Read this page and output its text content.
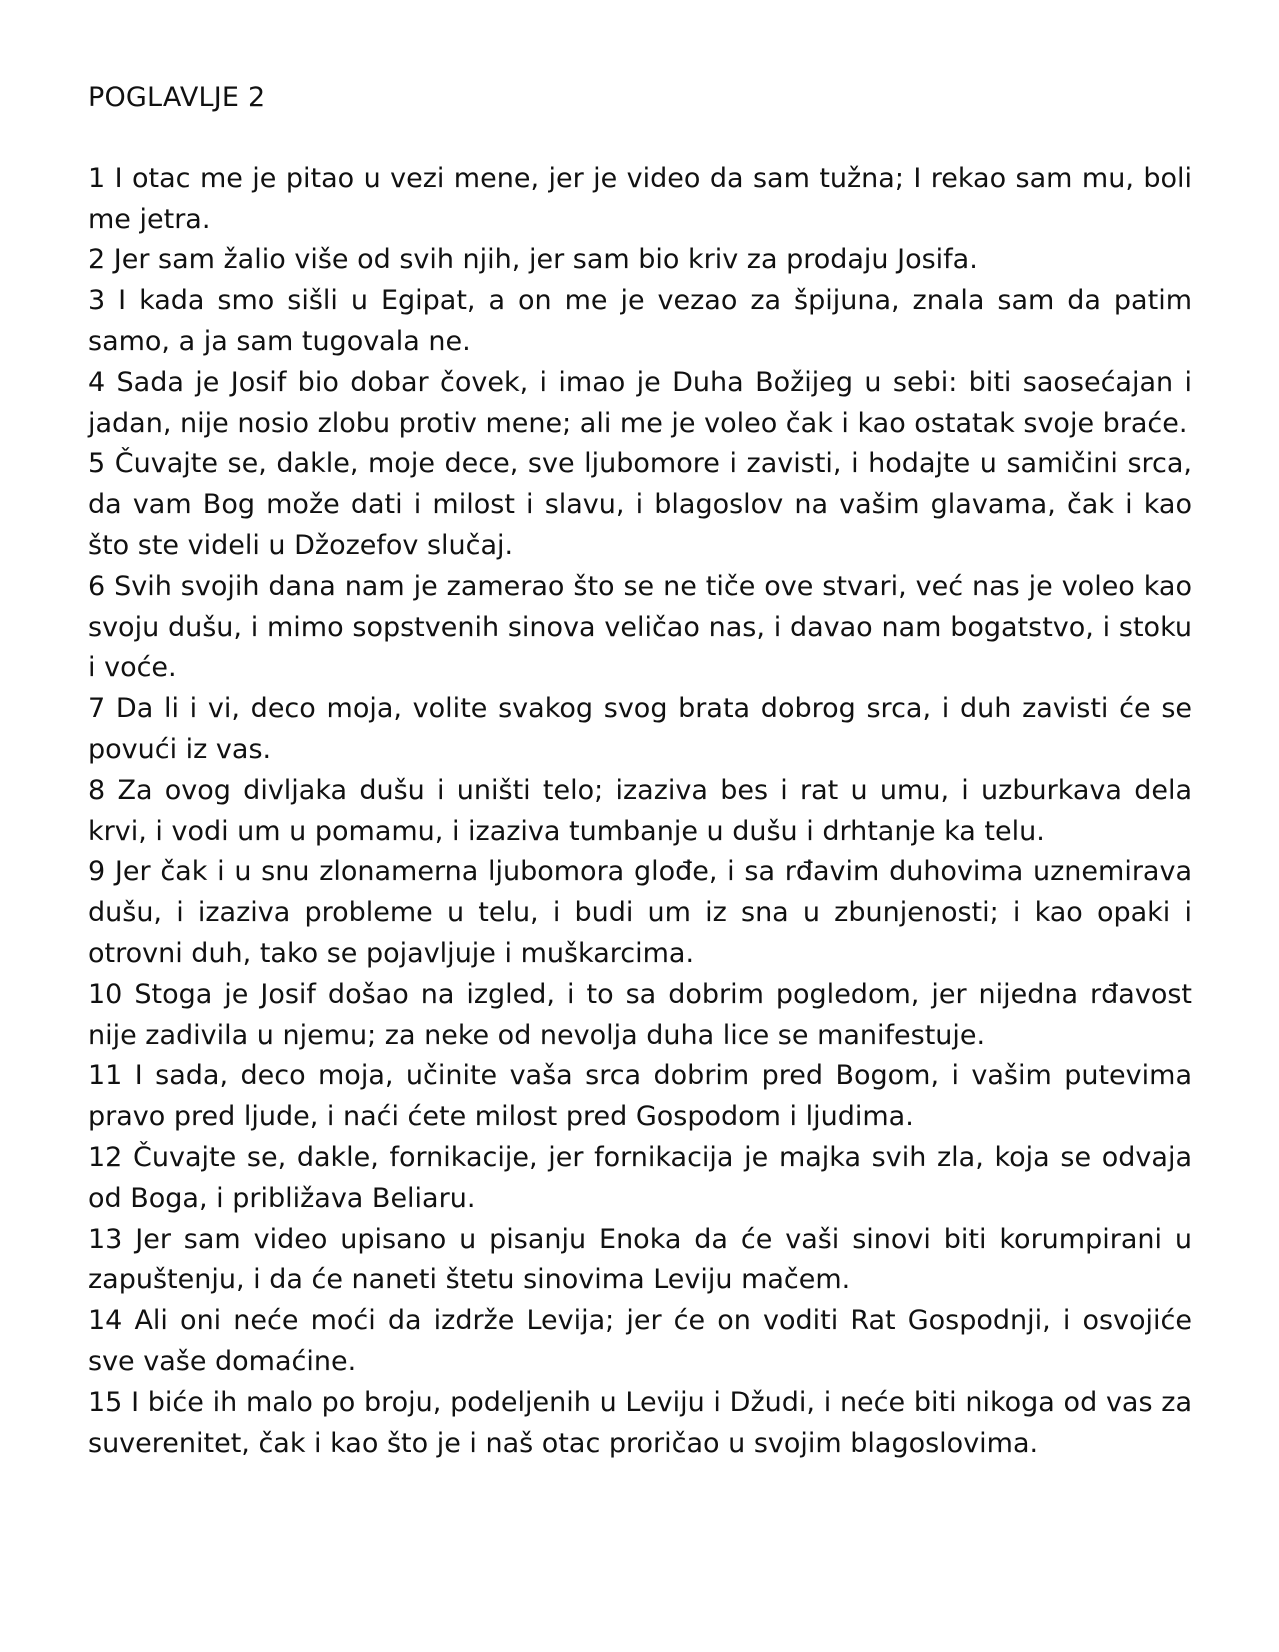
POGLAVLJE 2

1 I otac me je pitao u vezi mene, jer je video da sam tužna; I rekao sam mu, boli me jetra.

2 Jer sam žalio više od svih njih, jer sam bio kriv za prodaju Josifa.

3 I kada smo sišli u Egipat, a on me je vezao za špijuna, znala sam da patim samo, a ja sam tugovala ne.

4 Sada je Josif bio dobar čovek, i imao je Duha Božijeg u sebi: biti saosećajan i jadan, nije nosio zlobu protiv mene; ali me je voleo čak i kao ostatak svoje braće.

5 Čuvajte se, dakle, moje dece, sve ljubomore i zavisti, i hodajte u samičini srca, da vam Bog može dati i milost i slavu, i blagoslov na vašim glavama, čak i kao što ste videli u Džozefov slučaj.

6 Svih svojih dana nam je zamerao što se ne tiče ove stvari, već nas je voleo kao svoju dušu, i mimo sopstvenih sinova veličao nas, i davao nam bogatstvo, i stoku i voće.

7 Da li i vi, deco moja, volite svakog svog brata dobrog srca, i duh zavisti će se povući iz vas.

8 Za ovog divljaka dušu i uništi telo; izaziva bes i rat u umu, i uzburkava dela krvi, i vodi um u pomamu, i izaziva tumbanje u dušu i drhtanje ka telu.

9 Jer čak i u snu zlonamerna ljubomora glođe, i sa rđavim duhovima uznemirava dušu, i izaziva probleme u telu, i budi um iz sna u zbunjenosti; i kao opaki i otrovni duh, tako se pojavljuje i muškarcima.

10 Stoga je Josif došao na izgled, i to sa dobrim pogledom, jer nijedna rđavost nije zadivila u njemu; za neke od nevolja duha lice se manifestuje.

11 I sada, deco moja, učinite vaša srca dobrim pred Bogom, i vašim putevima pravo pred ljude, i naći ćete milost pred Gospodom i ljudima.

12 Čuvajte se, dakle, fornikacije, jer fornikacija je majka svih zla, koja se odvaja od Boga, i približava Beliaru.

13 Jer sam video upisano u pisanju Enoka da će vaši sinovi biti korumpirani u zapuštenju, i da će naneti štetu sinovima Leviju mačem.

14 Ali oni neće moći da izdrže Levija; jer će on voditi Rat Gospodnji, i osvojiće sve vaše domaćine.

15 I biće ih malo po broju, podeljenih u Leviju i Džudi, i neće biti nikoga od vas za suverenitet, čak i kao što je i naš otac proričao u svojim blagoslovima.
